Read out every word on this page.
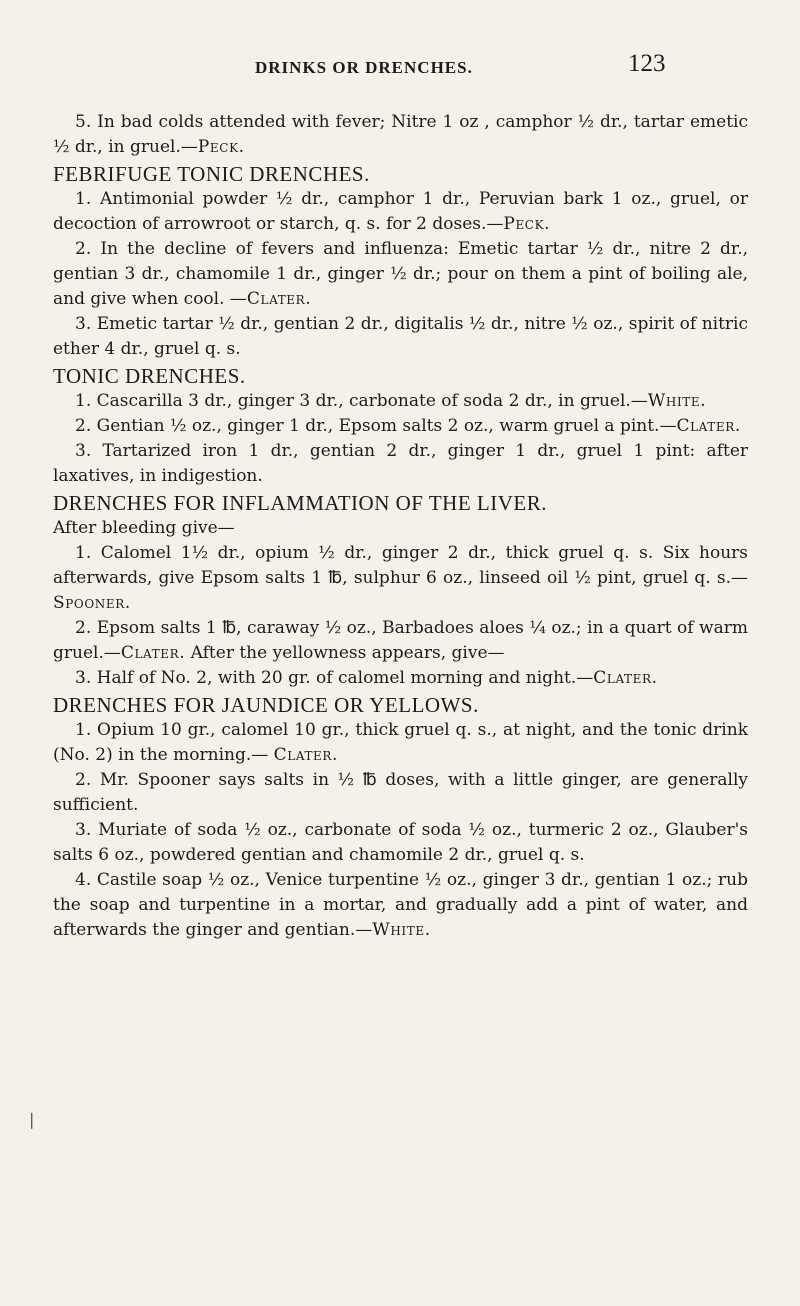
DRINKS OR DRENCHES.	123

5. In bad colds attended with fever; Nitre 1 oz , camphor ½ dr., tartar emetic ½ dr., in gruel.—Peck.

FEBRIFUGE TONIC DRENCHES.

1. Antimonial powder ½ dr., camphor 1 dr., Peruvian bark 1 oz., gruel, or decoction of arrowroot or starch, q. s. for 2 doses.—Peck.

2. In the decline of fevers and influenza: Emetic tartar ½ dr., nitre 2 dr., gentian 3 dr., chamomile 1 dr., ginger ½ dr.; pour on them a pint of boiling ale, and give when cool. —Clater.

3. Emetic tartar ½ dr., gentian 2 dr., digitalis ½ dr., nitre ½ oz., spirit of nitric ether 4 dr., gruel q. s.

TONIC DRENCHES.

1. Cascarilla 3 dr., ginger 3 dr., carbonate of soda 2 dr., in gruel.—White.

2. Gentian ½ oz., ginger 1 dr., Epsom salts 2 oz., warm gruel a pint.—Clater.

3. Tartarized iron 1 dr., gentian 2 dr., ginger 1 dr., gruel 1 pint: after laxatives, in indigestion.

DRENCHES FOR INFLAMMATION OF THE LIVER.

After bleeding give—

1. Calomel 1½ dr., opium ½ dr., ginger 2 dr., thick gruel q. s. Six hours afterwards, give Epsom salts 1 ℔, sulphur 6 oz., linseed oil ½ pint, gruel q. s.—Spooner.

2. Epsom salts 1 ℔, caraway ½ oz., Barbadoes aloes ¼ oz.; in a quart of warm gruel.—Clater. After the yellowness appears, give—

3. Half of No. 2, with 20 gr. of calomel morning and night.—Clater.

DRENCHES FOR JAUNDICE OR YELLOWS.

1. Opium 10 gr., calomel 10 gr., thick gruel q. s., at night, and the tonic drink (No. 2) in the morning.— Clater.

2. Mr. Spooner says salts in ½ ℔ doses, with a little ginger, are generally sufficient.

3. Muriate of soda ½ oz., carbonate of soda ½ oz., turmeric 2 oz., Glauber's salts 6 oz., powdered gentian and chamomile 2 dr., gruel q. s.

4. Castile soap ½ oz., Venice turpentine ½ oz., ginger 3 dr., gentian 1 oz.; rub the soap and turpentine in a mortar, and gradually add a pint of water, and afterwards the ginger and gentian.—White.

❘
